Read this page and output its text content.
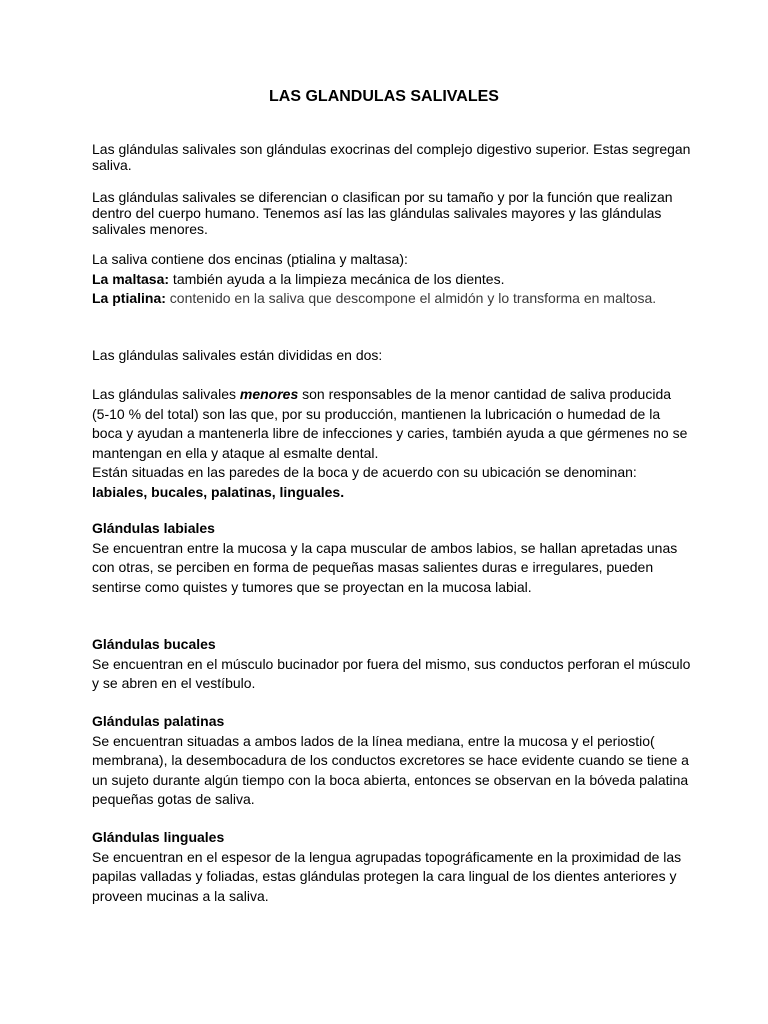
LAS GLANDULAS SALIVALES
Las glándulas salivales son glándulas exocrinas del complejo digestivo superior. Estas segregan saliva.
Las glándulas salivales se diferencian o clasifican por su tamaño y por la función que realizan dentro del cuerpo humano. Tenemos así las las glándulas salivales mayores y las glándulas salivales menores.
La saliva contiene dos encinas (ptialina y maltasa):
La maltasa: también ayuda a la limpieza mecánica de los dientes.
La ptialina: contenido en la saliva que descompone el almidón y lo transforma en maltosa.
Las glándulas salivales están divididas en dos:
Las glándulas salivales menores son responsables de la menor cantidad de saliva producida (5-10 % del total) son las que, por su producción, mantienen la lubricación o humedad de la boca y ayudan a mantenerla libre de infecciones y caries, también ayuda a que gérmenes no se mantengan en ella y ataque al esmalte dental.
Están situadas en las paredes de la boca y de acuerdo con su ubicación se denominan: labiales, bucales, palatinas, linguales.
Glándulas labiales
Se encuentran entre la mucosa y la capa muscular de ambos labios, se hallan apretadas unas con otras, se perciben en forma de pequeñas masas salientes duras e irregulares, pueden sentirse como quistes y tumores que se proyectan en la mucosa labial.
Glándulas bucales
Se encuentran en el músculo bucinador por fuera del mismo, sus conductos perforan el músculo y se abren en el vestíbulo.
Glándulas palatinas
Se encuentran situadas a ambos lados de la línea mediana, entre la mucosa y el periostio( membrana), la desembocadura de los conductos excretores se hace evidente cuando se tiene a un sujeto durante algún tiempo con la boca abierta, entonces se observan en la bóveda palatina pequeñas gotas de saliva.
Glándulas linguales
Se encuentran en el espesor de la lengua agrupadas topográficamente en la proximidad de las papilas valladas y foliadas, estas glándulas protegen la cara lingual de los dientes anteriores y proveen mucinas a la saliva.
